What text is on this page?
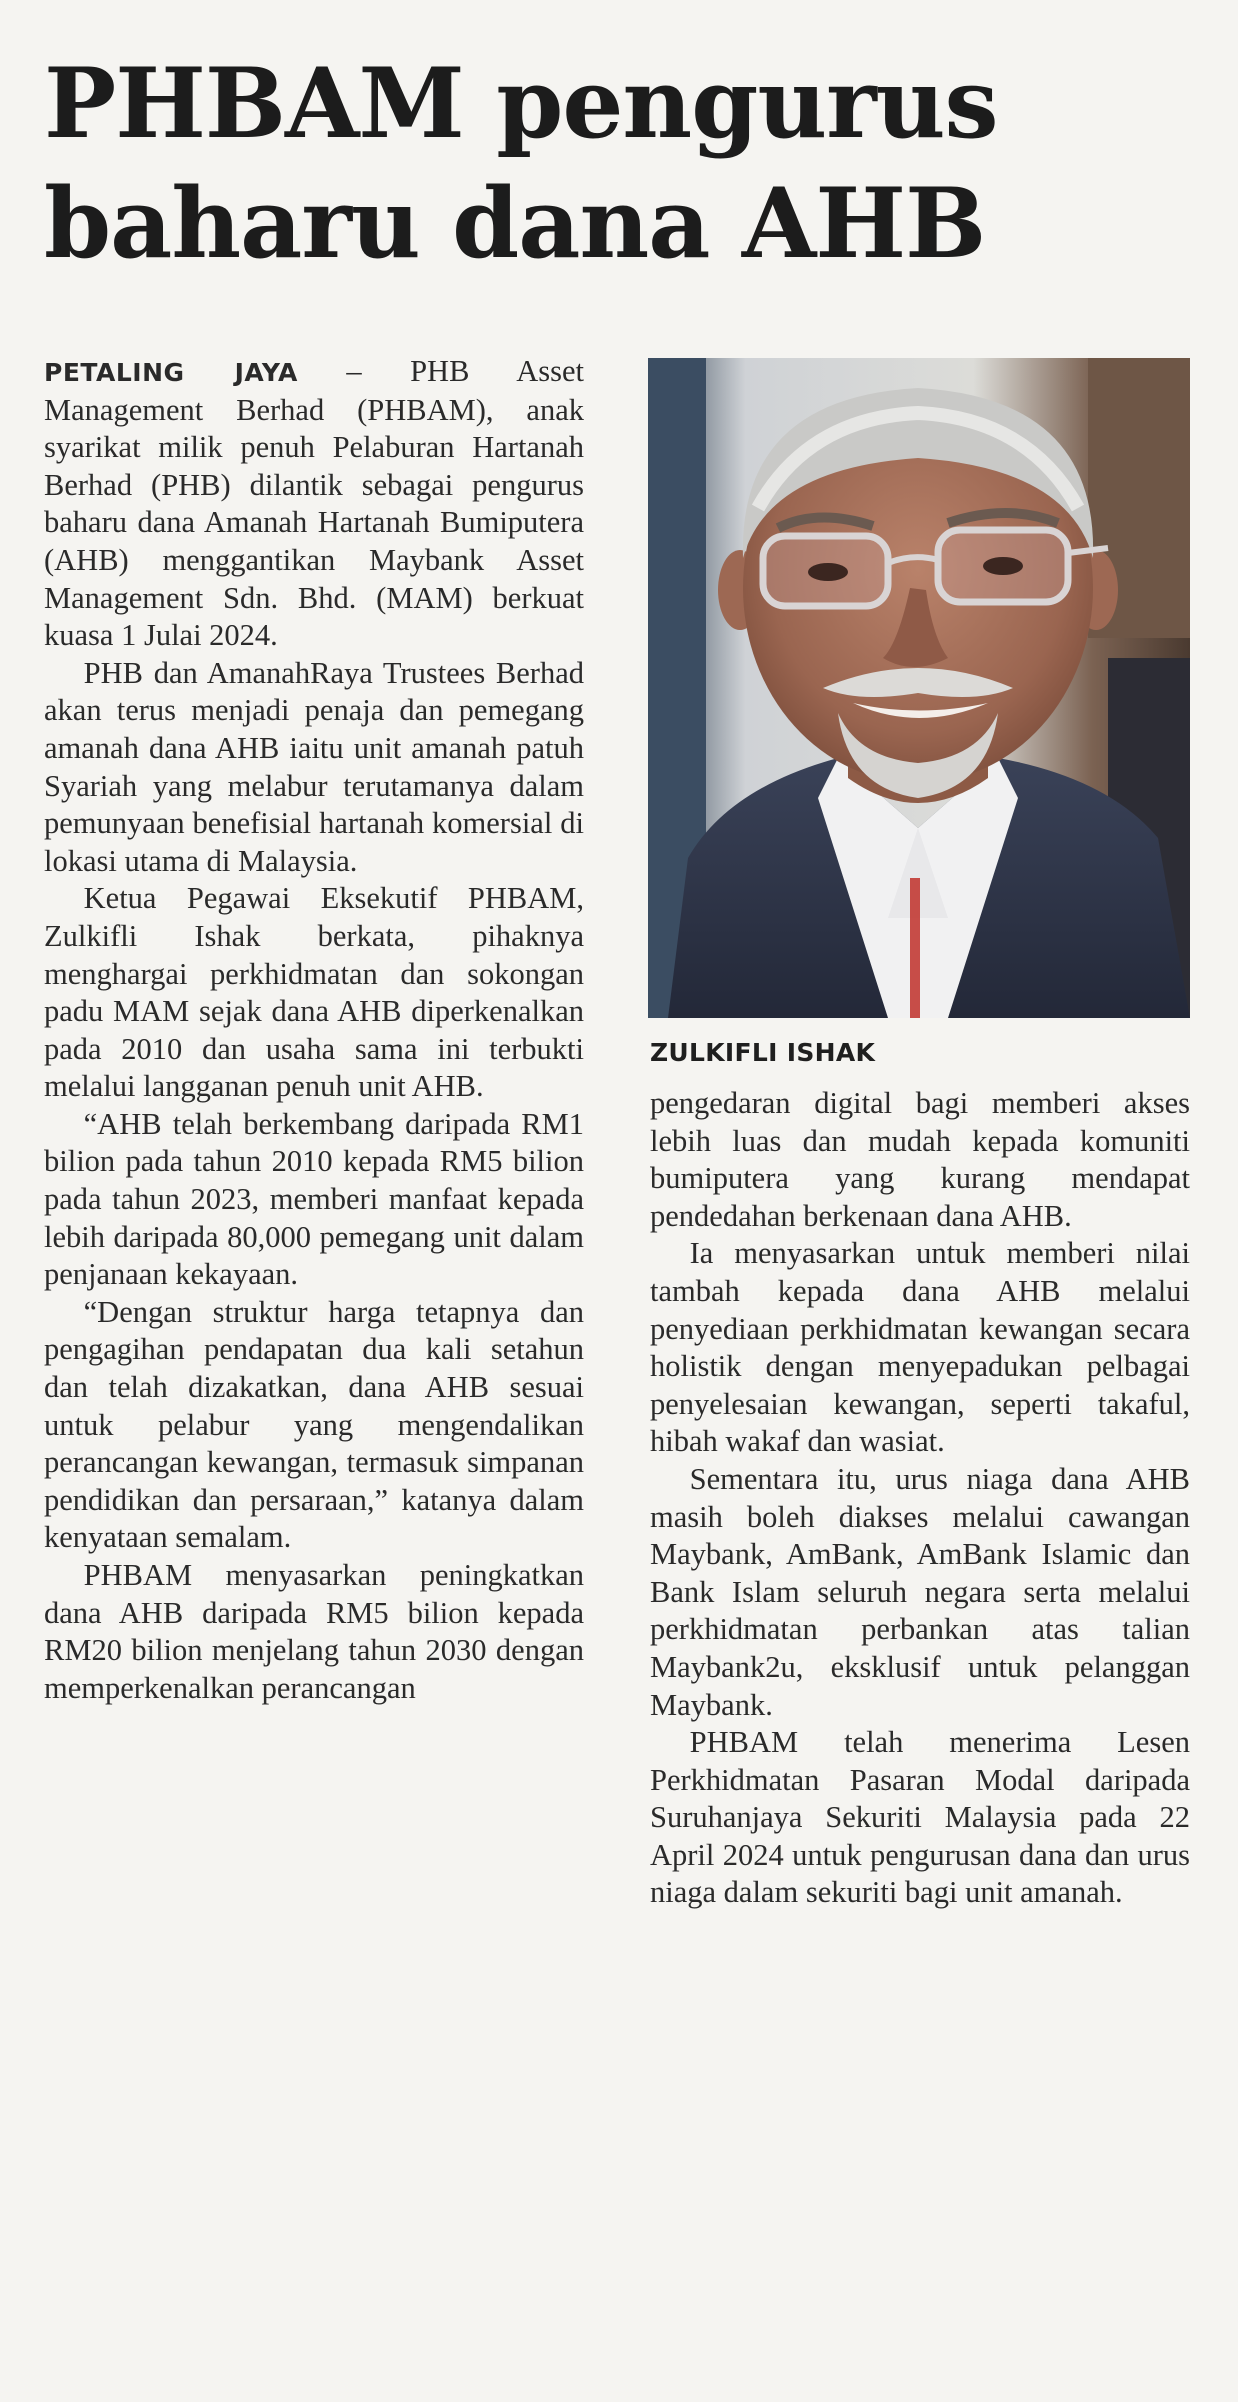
PHBAM pengurus
baharu dana AHB

PETALING JAYA – PHB Asset Management Berhad (PHBAM), anak syarikat milik penuh Pelaburan Hartanah Berhad (PHB) dilantik sebagai pengurus baharu dana Amanah Hartanah Bumiputera (AHB) menggantikan Maybank Asset Management Sdn. Bhd. (MAM) berkuat kuasa 1 Julai 2024.

PHB dan AmanahRaya Trustees Berhad akan terus menjadi penaja dan pemegang amanah dana AHB iaitu unit amanah patuh Syariah yang melabur terutamanya dalam pemunyaan benefisial hartanah komersial di lokasi utama di Malaysia.

Ketua Pegawai Eksekutif PHBAM, Zulkifli Ishak berkata, pihaknya menghargai perkhidmatan dan sokongan padu MAM sejak dana AHB diperkenalkan pada 2010 dan usaha sama ini terbukti melalui langganan penuh unit AHB.

“AHB telah berkembang daripada RM1 bilion pada tahun 2010 kepada RM5 bilion pada tahun 2023, memberi manfaat kepada lebih daripada 80,000 pemegang unit dalam penjanaan kekayaan.

“Dengan struktur harga tetapnya dan pengagihan pendapatan dua kali setahun dan telah dizakatkan, dana AHB sesuai untuk pelabur yang mengendalikan perancangan kewangan, termasuk simpanan pendidikan dan persaraan,” katanya dalam kenyataan semalam.

PHBAM menyasarkan peningkatkan dana AHB daripada RM5 bilion kepada RM20 bilion menjelang tahun 2030 dengan memperkenalkan perancangan

ZULKIFLI ISHAK

pengedaran digital bagi memberi akses lebih luas dan mudah kepada komuniti bumiputera yang kurang mendapat pendedahan berkenaan dana AHB.

Ia menyasarkan untuk memberi nilai tambah kepada dana AHB melalui penyediaan perkhidmatan kewangan secara holistik dengan menyepadukan pelbagai penyelesaian kewangan, seperti takaful, hibah wakaf dan wasiat.

Sementara itu, urus niaga dana AHB masih boleh diakses melalui cawangan Maybank, AmBank, AmBank Islamic dan Bank Islam seluruh negara serta melalui perkhidmatan perbankan atas talian Maybank2u, eksklusif untuk pelanggan Maybank.

PHBAM telah menerima Lesen Perkhidmatan Pasaran Modal daripada Suruhanjaya Sekuriti Malaysia pada 22 April 2024 untuk pengurusan dana dan urus niaga dalam sekuriti bagi unit amanah.
